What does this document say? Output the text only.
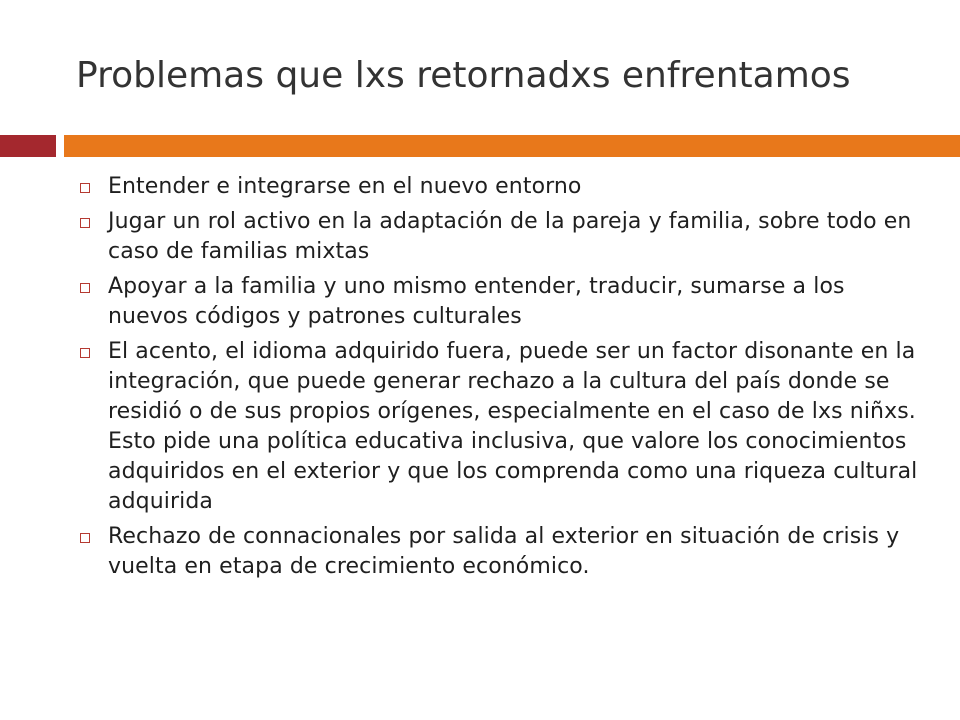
Problemas que lxs retornadxs enfrentamos
Entender e integrarse en el nuevo entorno
Jugar un rol activo en la adaptación de la pareja y familia, sobre todo en caso de familias mixtas
Apoyar a la familia y uno mismo entender, traducir, sumarse a los nuevos códigos y patrones culturales
El acento, el idioma adquirido fuera, puede ser un factor disonante en la integración, que puede generar rechazo a la cultura del país donde se residió o de sus propios orígenes, especialmente en el caso de lxs niñxs. Esto pide una política educativa inclusiva, que valore los conocimientos adquiridos en el exterior y que los comprenda como una riqueza cultural adquirida
Rechazo de connacionales por salida al exterior en situación de crisis y vuelta en etapa de crecimiento económico.
